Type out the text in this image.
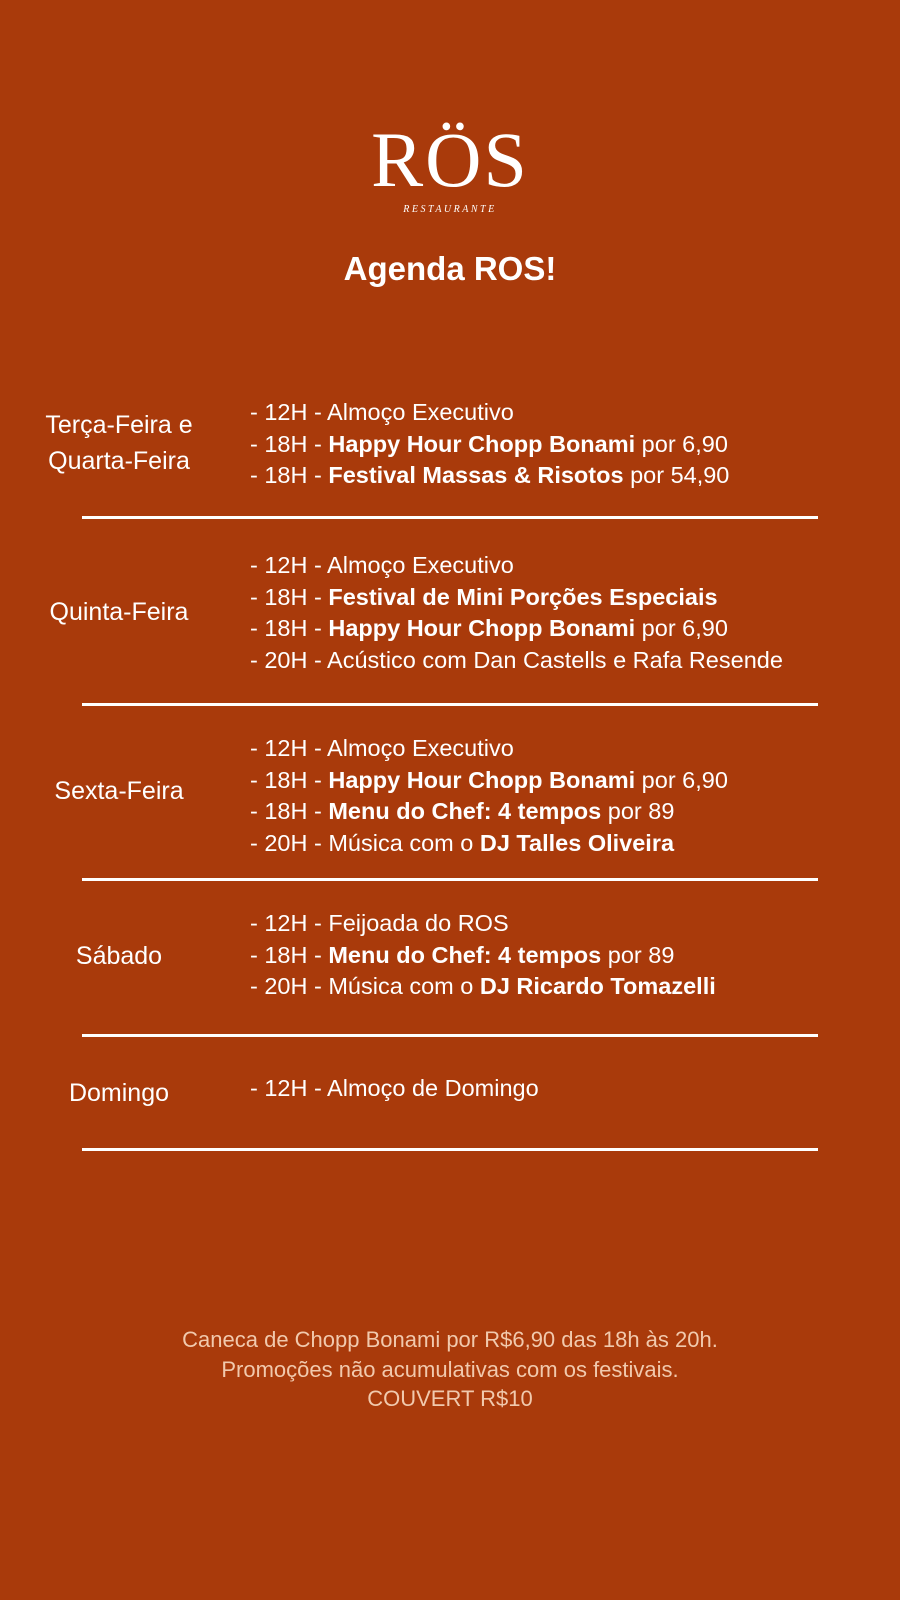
RÖS
RESTAURANTE
Agenda ROS!
Terça-Feira e
Quarta-Feira
- 12H - Almoço Executivo
- 18H - Happy Hour Chopp Bonami por 6,90
- 18H - Festival Massas & Risotos por 54,90
Quinta-Feira
- 12H - Almoço Executivo
- 18H - Festival de Mini Porções Especiais
- 18H - Happy Hour Chopp Bonami por 6,90
- 20H - Acústico com Dan Castells e Rafa Resende
Sexta-Feira
- 12H - Almoço Executivo
- 18H - Happy Hour Chopp Bonami por 6,90
- 18H - Menu do Chef: 4 tempos por 89
- 20H - Música com o DJ Talles Oliveira
Sábado
- 12H - Feijoada do ROS
- 18H - Menu do Chef: 4 tempos por 89
- 20H - Música com o DJ Ricardo Tomazelli
Domingo	- 12H - Almoço de Domingo
Caneca de Chopp Bonami por R$6,90 das 18h às 20h.
Promoções não acumulativas com os festivais.
COUVERT R$10
